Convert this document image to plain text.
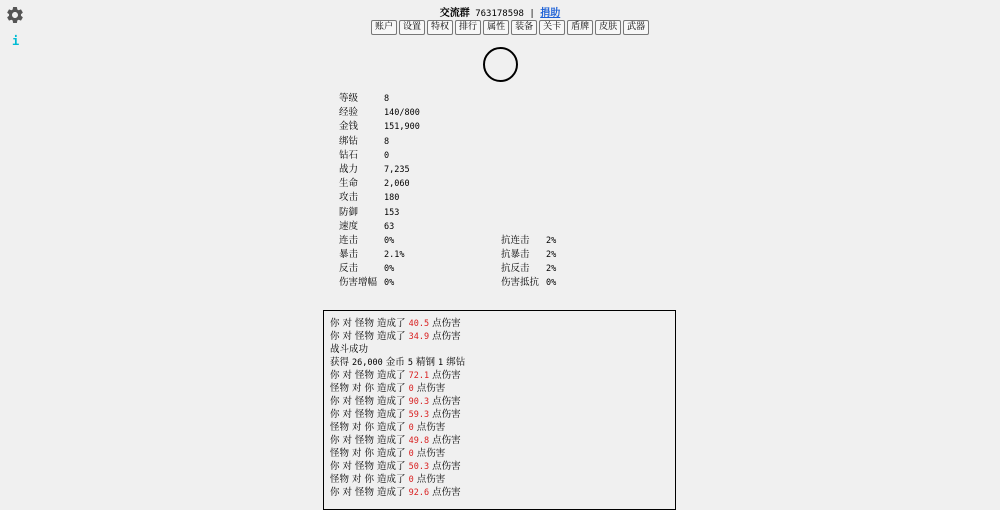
i
交流群 763178598 | 捐助
账户	设置	特权	排行	属性	装备	关卡	盾牌	皮肤	武器
等级	8
经验	140/800
金钱	151,900
绑钻	8
钻石	0
战力	7,235
生命	2,060
攻击	180
防御	153
速度	63
连击	0%	抗连击 2%
暴击	2.1%	抗暴击 2%
反击	0%	抗反击 2%
伤害增幅 0%	伤害抵抗 0%
你 对 怪物 造成了 40.5 点伤害
你 对 怪物 造成了 34.9 点伤害
战斗成功
获得 26,000 金币 5 精钢 1 绑钻
你 对 怪物 造成了 72.1 点伤害
怪物 对 你 造成了 0 点伤害
你 对 怪物 造成了 90.3 点伤害
你 对 怪物 造成了 59.3 点伤害
怪物 对 你 造成了 0 点伤害
你 对 怪物 造成了 49.8 点伤害
怪物 对 你 造成了 0 点伤害
你 对 怪物 造成了 50.3 点伤害
怪物 对 你 造成了 0 点伤害
你 对 怪物 造成了 92.6 点伤害
